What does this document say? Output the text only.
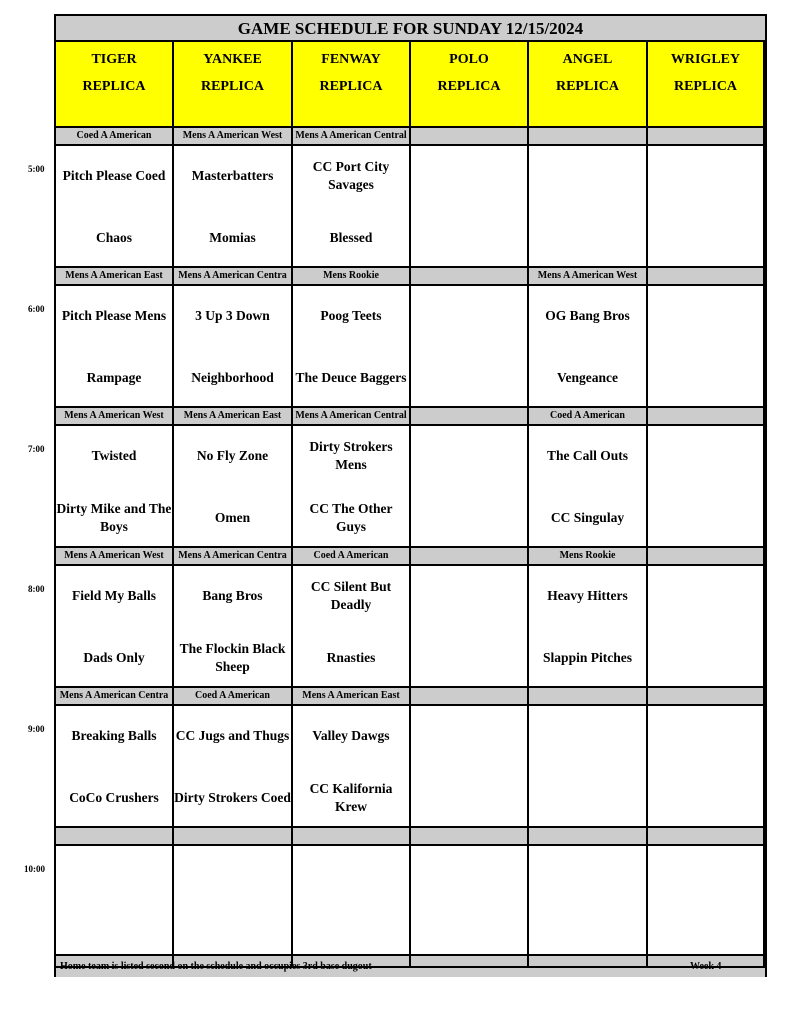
GAME SCHEDULE FOR SUNDAY 12/15/2024
Home team is listed second on the schedule and occupies 3rd base dugout	Week 4
TIGER
REPLICA
YANKEE
REPLICA
FENWAY
REPLICA
POLO
REPLICA
ANGEL
REPLICA
WRIGLEY
REPLICA
Coed A American
Pitch Please Coed
Chaos
Mens A American West
Masterbatters
Momias
Mens A American Central
CC Port City Savages
Blessed
Mens A American East
Pitch Please Mens
Rampage
Mens A American Centra
3 Up 3 Down
Neighborhood
Mens Rookie
Poog Teets
The Deuce Baggers
Mens A American West
OG Bang Bros
Vengeance
Mens A American West
Twisted
Dirty Mike and The Boys
Mens A American East
No Fly Zone
Omen
Mens A American Central
Dirty Strokers Mens
CC The Other Guys
Coed A American
The Call Outs
CC Singulay
Mens A American West
Field My Balls
Dads Only
Mens A American Centra
Bang Bros
The Flockin Black Sheep
Coed A American
CC Silent But Deadly
Rnasties
Mens Rookie
Heavy Hitters
Slappin Pitches
Mens A American Centra
Breaking Balls
CoCo Crushers
Coed A American
CC Jugs and Thugs
Dirty Strokers Coed
Mens A American East
Valley Dawgs
CC Kalifornia Krew
5:00
6:00
7:00
8:00
9:00
10:00
